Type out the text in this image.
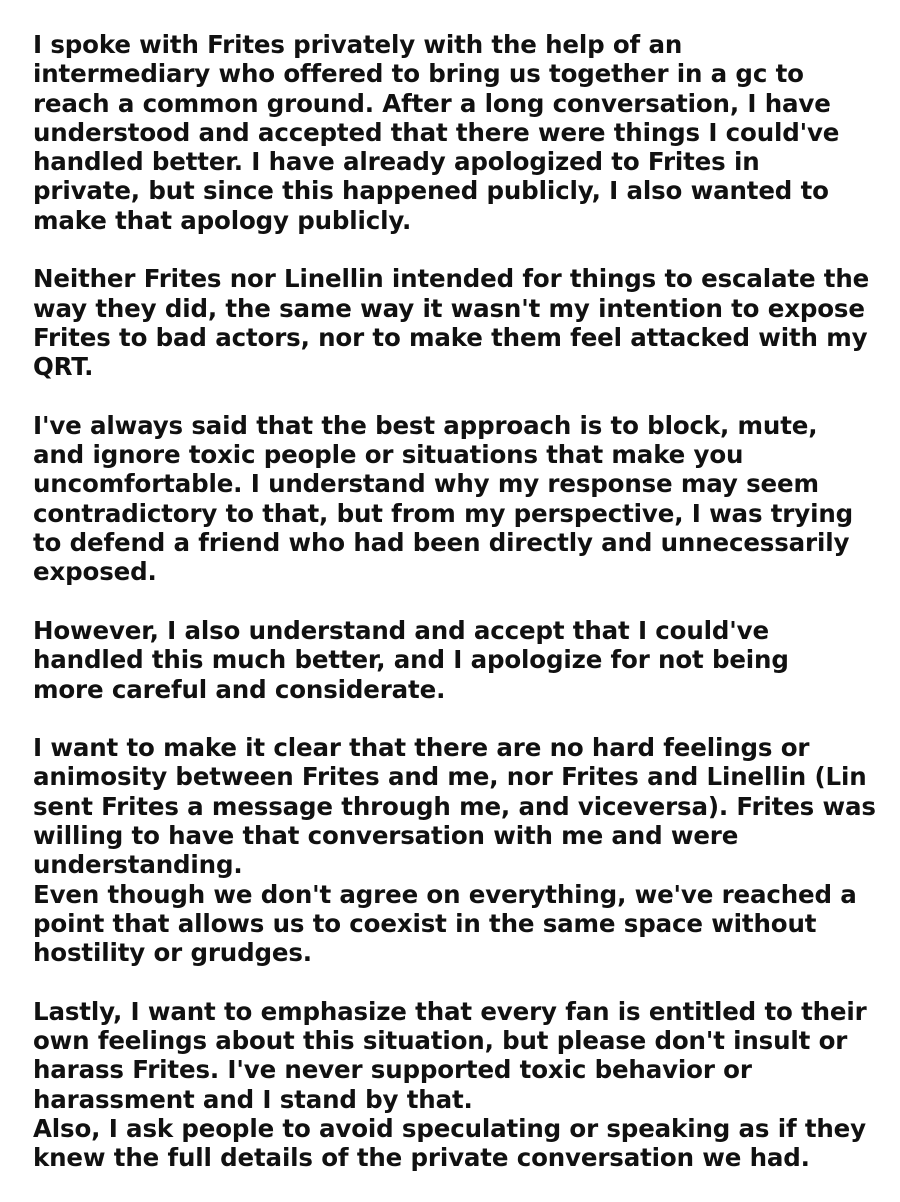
I spoke with Frites privately with the help of an
intermediary who offered to bring us together in a gc to
reach a common ground. After a long conversation, I have
understood and accepted that there were things I could've
handled better. I have already apologized to Frites in
private, but since this happened publicly, I also wanted to
make that apology publicly.
Neither Frites nor Linellin intended for things to escalate the
way they did, the same way it wasn't my intention to expose
Frites to bad actors, nor to make them feel attacked with my
QRT.
I've always said that the best approach is to block, mute,
and ignore toxic people or situations that make you
uncomfortable. I understand why my response may seem
contradictory to that, but from my perspective, I was trying
to defend a friend who had been directly and unnecessarily
exposed.
However, I also understand and accept that I could've
handled this much better, and I apologize for not being
more careful and considerate.
I want to make it clear that there are no hard feelings or
animosity between Frites and me, nor Frites and Linellin (Lin
sent Frites a message through me, and viceversa). Frites was
willing to have that conversation with me and were
understanding.
Even though we don't agree on everything, we've reached a
point that allows us to coexist in the same space without
hostility or grudges.
Lastly, I want to emphasize that every fan is entitled to their
own feelings about this situation, but please don't insult or
harass Frites. I've never supported toxic behavior or
harassment and I stand by that.
Also, I ask people to avoid speculating or speaking as if they
knew the full details of the private conversation we had.
